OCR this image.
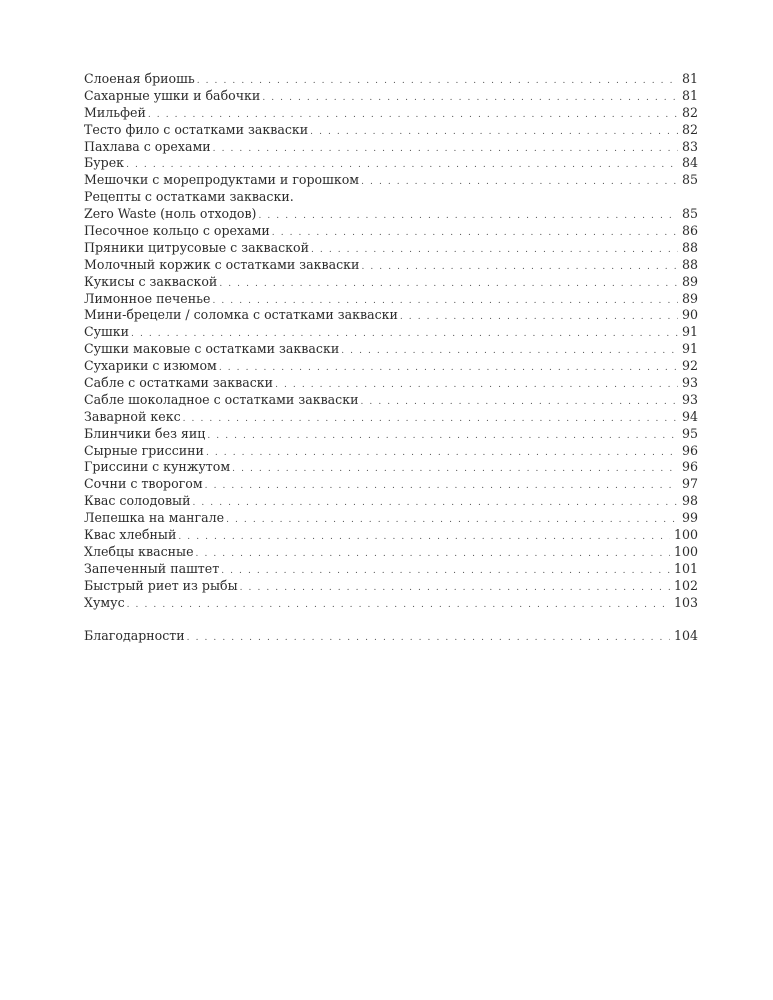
Слоеная бриошь . . .	81
Сахарные ушки и бабочки . . .	81
Мильфей . . .	82
Тесто фило с остатками закваски . . .	82
Пахлава с орехами . . .	83
Бурек . . .	84
Мешочки с морепродуктами и горошком . . .	85
Рецепты с остатками закваски.
Zero Waste (ноль отходов) . . .	85
Песочное кольцо с орехами . . .	86
Пряники цитрусовые с закваской . . .	88
Молочный коржик с остатками закваски . . .	88
Кукисы с закваской . . .	89
Лимонное печенье . . .	89
Мини-брецели / соломка с остатками закваски . . .	90
Сушки . . .	91
Сушки маковые с остатками закваски . . .	91
Сухарики с изюмом . . .	92
Сабле с остатками закваски . . .	93
Сабле шоколадное с остатками закваски . . .	93
Заварной кекс . . .	94
Блинчики без яиц . . .	95
Сырные гриссини . . .	96
Гриссини с кунжутом . . .	96
Сочни с творогом . . .	97
Квас солодовый . . .	98
Лепешка на мангале . . .	99
Квас хлебный . . .	100
Хлебцы квасные . . .	100
Запеченный паштет . . .	101
Быстрый риет из рыбы . . .	102
Хумус . . .	103
Благодарности . . .	104
